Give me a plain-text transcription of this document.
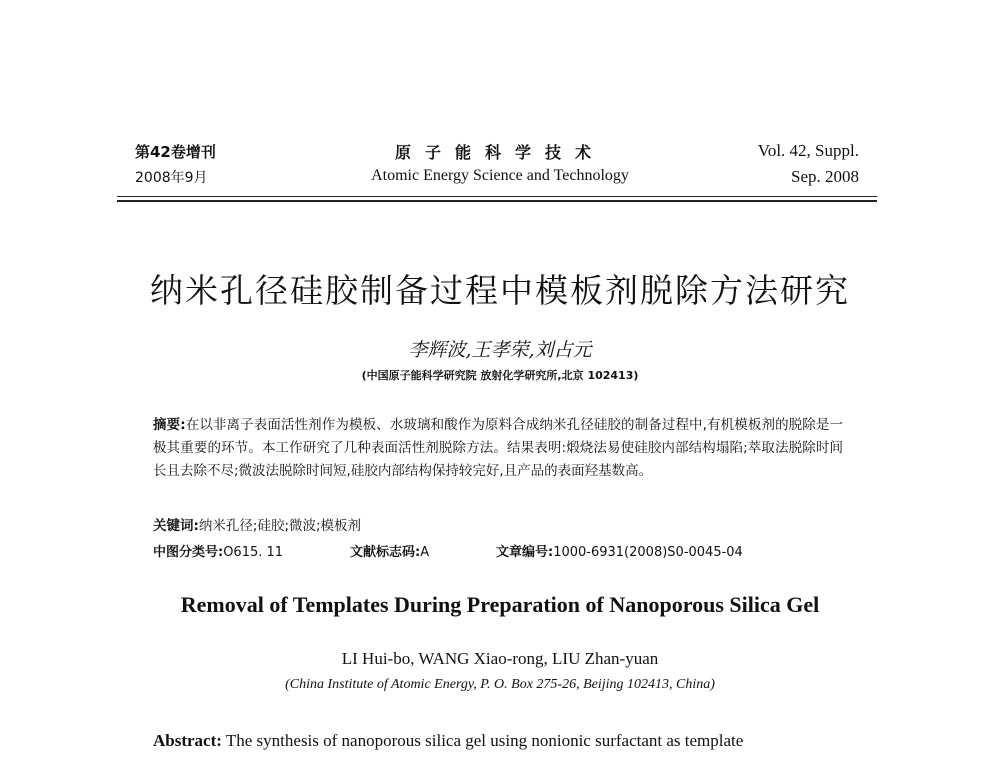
第42卷增刊
2008年9月
原子能科学技术
Atomic Energy Science and Technology
Vol. 42, Suppl.
Sep. 2008
纳米孔径硅胶制备过程中模板剂脱除方法研究
李辉波,王孝荣,刘占元
(中国原子能科学研究院 放射化学研究所,北京 102413)

摘要:在以非离子表面活性剂作为模板、水玻璃和酸作为原料合成纳米孔径硅胶的制备过程中,有机模板剂的脱除是一极其重要的环节。本工作研究了几种表面活性剂脱除方法。结果表明:煅烧法易使硅胶内部结构塌陷;萃取法脱除时间长且去除不尽;微波法脱除时间短,硅胶内部结构保持较完好,且产品的表面羟基数高。

关键词:纳米孔径;硅胶;微波;模板剂
中图分类号:O615. 11	文献标志码:A	文章编号:1000-6931(2008)S0-0045-04
Removal of Templates During Preparation of Nanoporous Silica Gel
LI Hui-bo, WANG Xiao-rong, LIU Zhan-yuan
(China Institute of Atomic Energy, P. O. Box 275-26, Beijing 102413, China)
Abstract: The synthesis of nanoporous silica gel using nonionic surfactant as template
